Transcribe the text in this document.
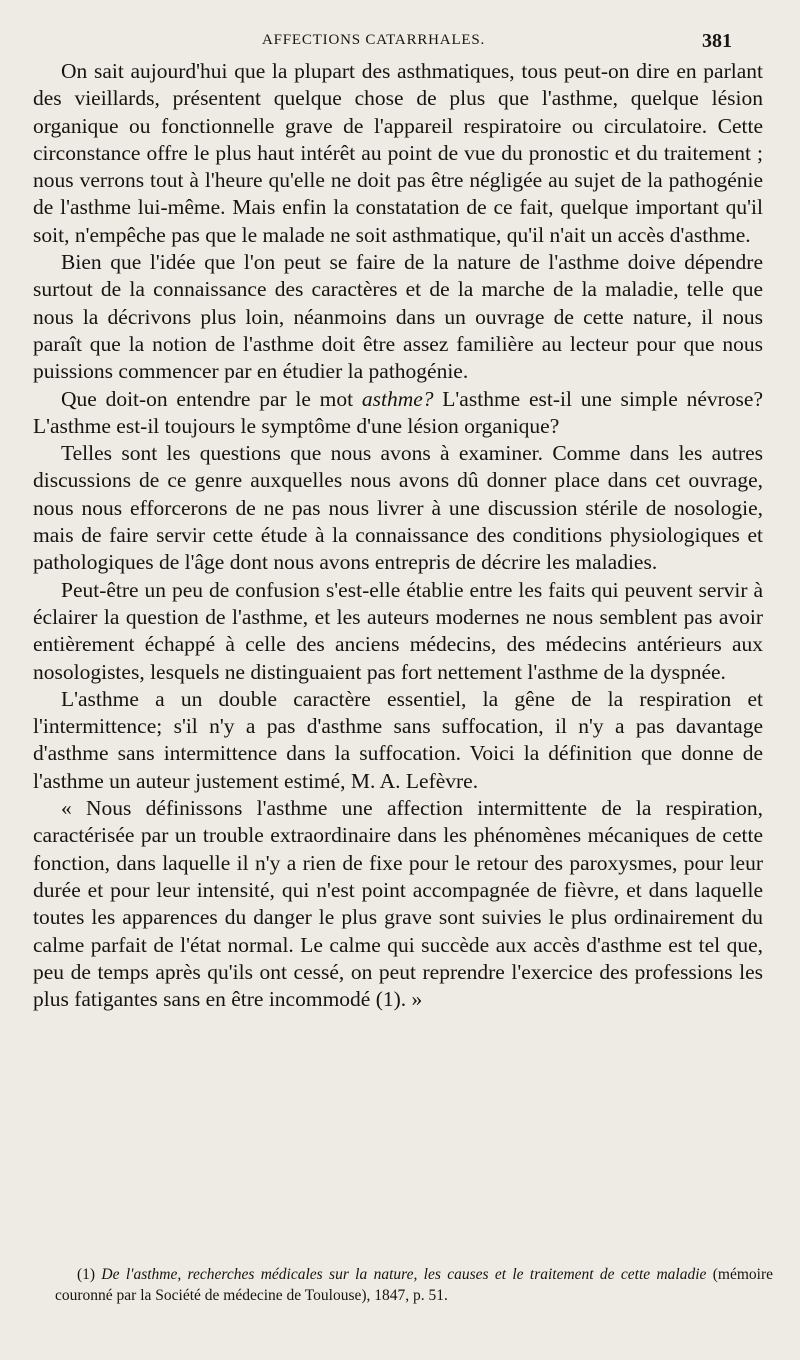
AFFECTIONS CATARRHALES.	381

On sait aujourd'hui que la plupart des asthmatiques, tous peut-on dire en parlant des vieillards, présentent quelque chose de plus que l'asthme, quelque lésion organique ou fonctionnelle grave de l'appareil respiratoire ou circulatoire. Cette circonstance offre le plus haut intérêt au point de vue du pronostic et du traitement ; nous verrons tout à l'heure qu'elle ne doit pas être négligée au sujet de la pathogénie de l'asthme lui-même. Mais enfin la constatation de ce fait, quelque important qu'il soit, n'empêche pas que le malade ne soit asthmatique, qu'il n'ait un accès d'asthme.

Bien que l'idée que l'on peut se faire de la nature de l'asthme doive dépendre surtout de la connaissance des caractères et de la marche de la maladie, telle que nous la décrivons plus loin, néanmoins dans un ouvrage de cette nature, il nous paraît que la notion de l'asthme doit être assez familière au lecteur pour que nous puissions commencer par en étudier la pathogénie.

Que doit-on entendre par le mot asthme? L'asthme est-il une simple névrose? L'asthme est-il toujours le symptôme d'une lésion organique?

Telles sont les questions que nous avons à examiner. Comme dans les autres discussions de ce genre auxquelles nous avons dû donner place dans cet ouvrage, nous nous efforcerons de ne pas nous livrer à une discussion stérile de nosologie, mais de faire servir cette étude à la connaissance des conditions physiologiques et pathologiques de l'âge dont nous avons entrepris de décrire les maladies.

Peut-être un peu de confusion s'est-elle établie entre les faits qui peuvent servir à éclairer la question de l'asthme, et les auteurs modernes ne nous semblent pas avoir entièrement échappé à celle des anciens médecins, des médecins antérieurs aux nosologistes, lesquels ne distinguaient pas fort nettement l'asthme de la dyspnée.

L'asthme a un double caractère essentiel, la gêne de la respiration et l'intermittence; s'il n'y a pas d'asthme sans suffocation, il n'y a pas davantage d'asthme sans intermittence dans la suffocation. Voici la définition que donne de l'asthme un auteur justement estimé, M. A. Lefèvre.

« Nous définissons l'asthme une affection intermittente de la respiration, caractérisée par un trouble extraordinaire dans les phénomènes mécaniques de cette fonction, dans laquelle il n'y a rien de fixe pour le retour des paroxysmes, pour leur durée et pour leur intensité, qui n'est point accompagnée de fièvre, et dans laquelle toutes les apparences du danger le plus grave sont suivies le plus ordinairement du calme parfait de l'état normal. Le calme qui succède aux accès d'asthme est tel que, peu de temps après qu'ils ont cessé, on peut reprendre l'exercice des professions les plus fatigantes sans en être incommodé (1). »

(1) De l'asthme, recherches médicales sur la nature, les causes et le traitement de cette maladie (mémoire couronné par la Société de médecine de Toulouse), 1847, p. 51.
